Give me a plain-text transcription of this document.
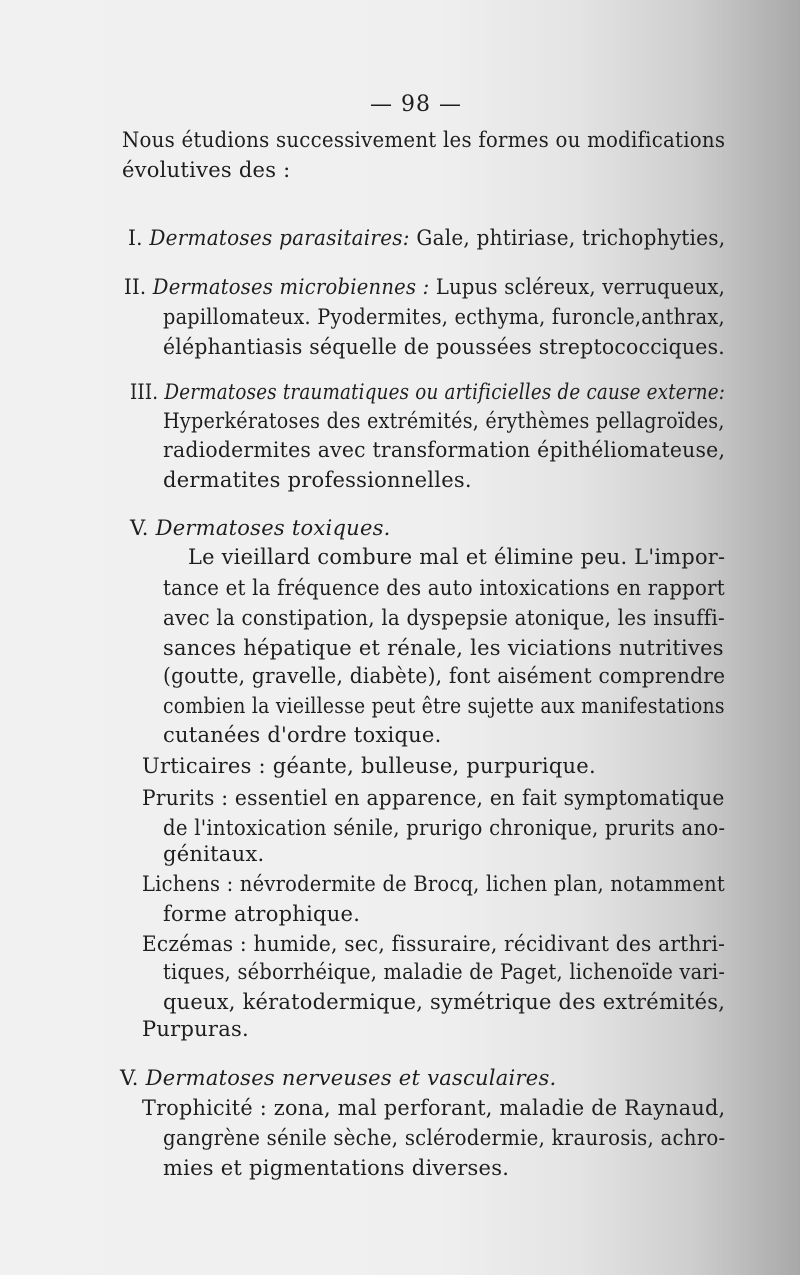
— 98 —
Nous étudions successivement les formes ou modifications
évolutives des :
I. Dermatoses parasitaires: Gale, phtiriase, trichophyties,
II. Dermatoses microbiennes : Lupus scléreux, verruqueux,
papillomateux. Pyodermites, ecthyma, furoncle,anthrax,
éléphantiasis séquelle de poussées streptococciques.
III. Dermatoses traumatiques ou artificielles de cause externe:
Hyperkératoses des extrémités, érythèmes pellagroïdes,
radiodermites avec transformation épithéliomateuse,
dermatites professionnelles.
V. Dermatoses toxiques.
Le vieillard combure mal et élimine peu. L'impor-
tance et la fréquence des auto intoxications en rapport
avec la constipation, la dyspepsie atonique, les insuffi-
sances hépatique et rénale, les viciations nutritives
(goutte, gravelle, diabète), font aisément comprendre
combien la vieillesse peut être sujette aux manifestations
cutanées d'ordre toxique.
Urticaires : géante, bulleuse, purpurique.
Prurits : essentiel en apparence, en fait symptomatique
de l'intoxication sénile, prurigo chronique, prurits ano-
génitaux.
Lichens : névrodermite de Brocq, lichen plan, notamment
forme atrophique.
Eczémas : humide, sec, fissuraire, récidivant des arthri-
tiques, séborrhéique, maladie de Paget, lichenoïde vari-
queux, kératodermique, symétrique des extrémités,
Purpuras.
V. Dermatoses nerveuses et vasculaires.
Trophicité : zona, mal perforant, maladie de Raynaud,
gangrène sénile sèche, sclérodermie, kraurosis, achro-
mies et pigmentations diverses.
